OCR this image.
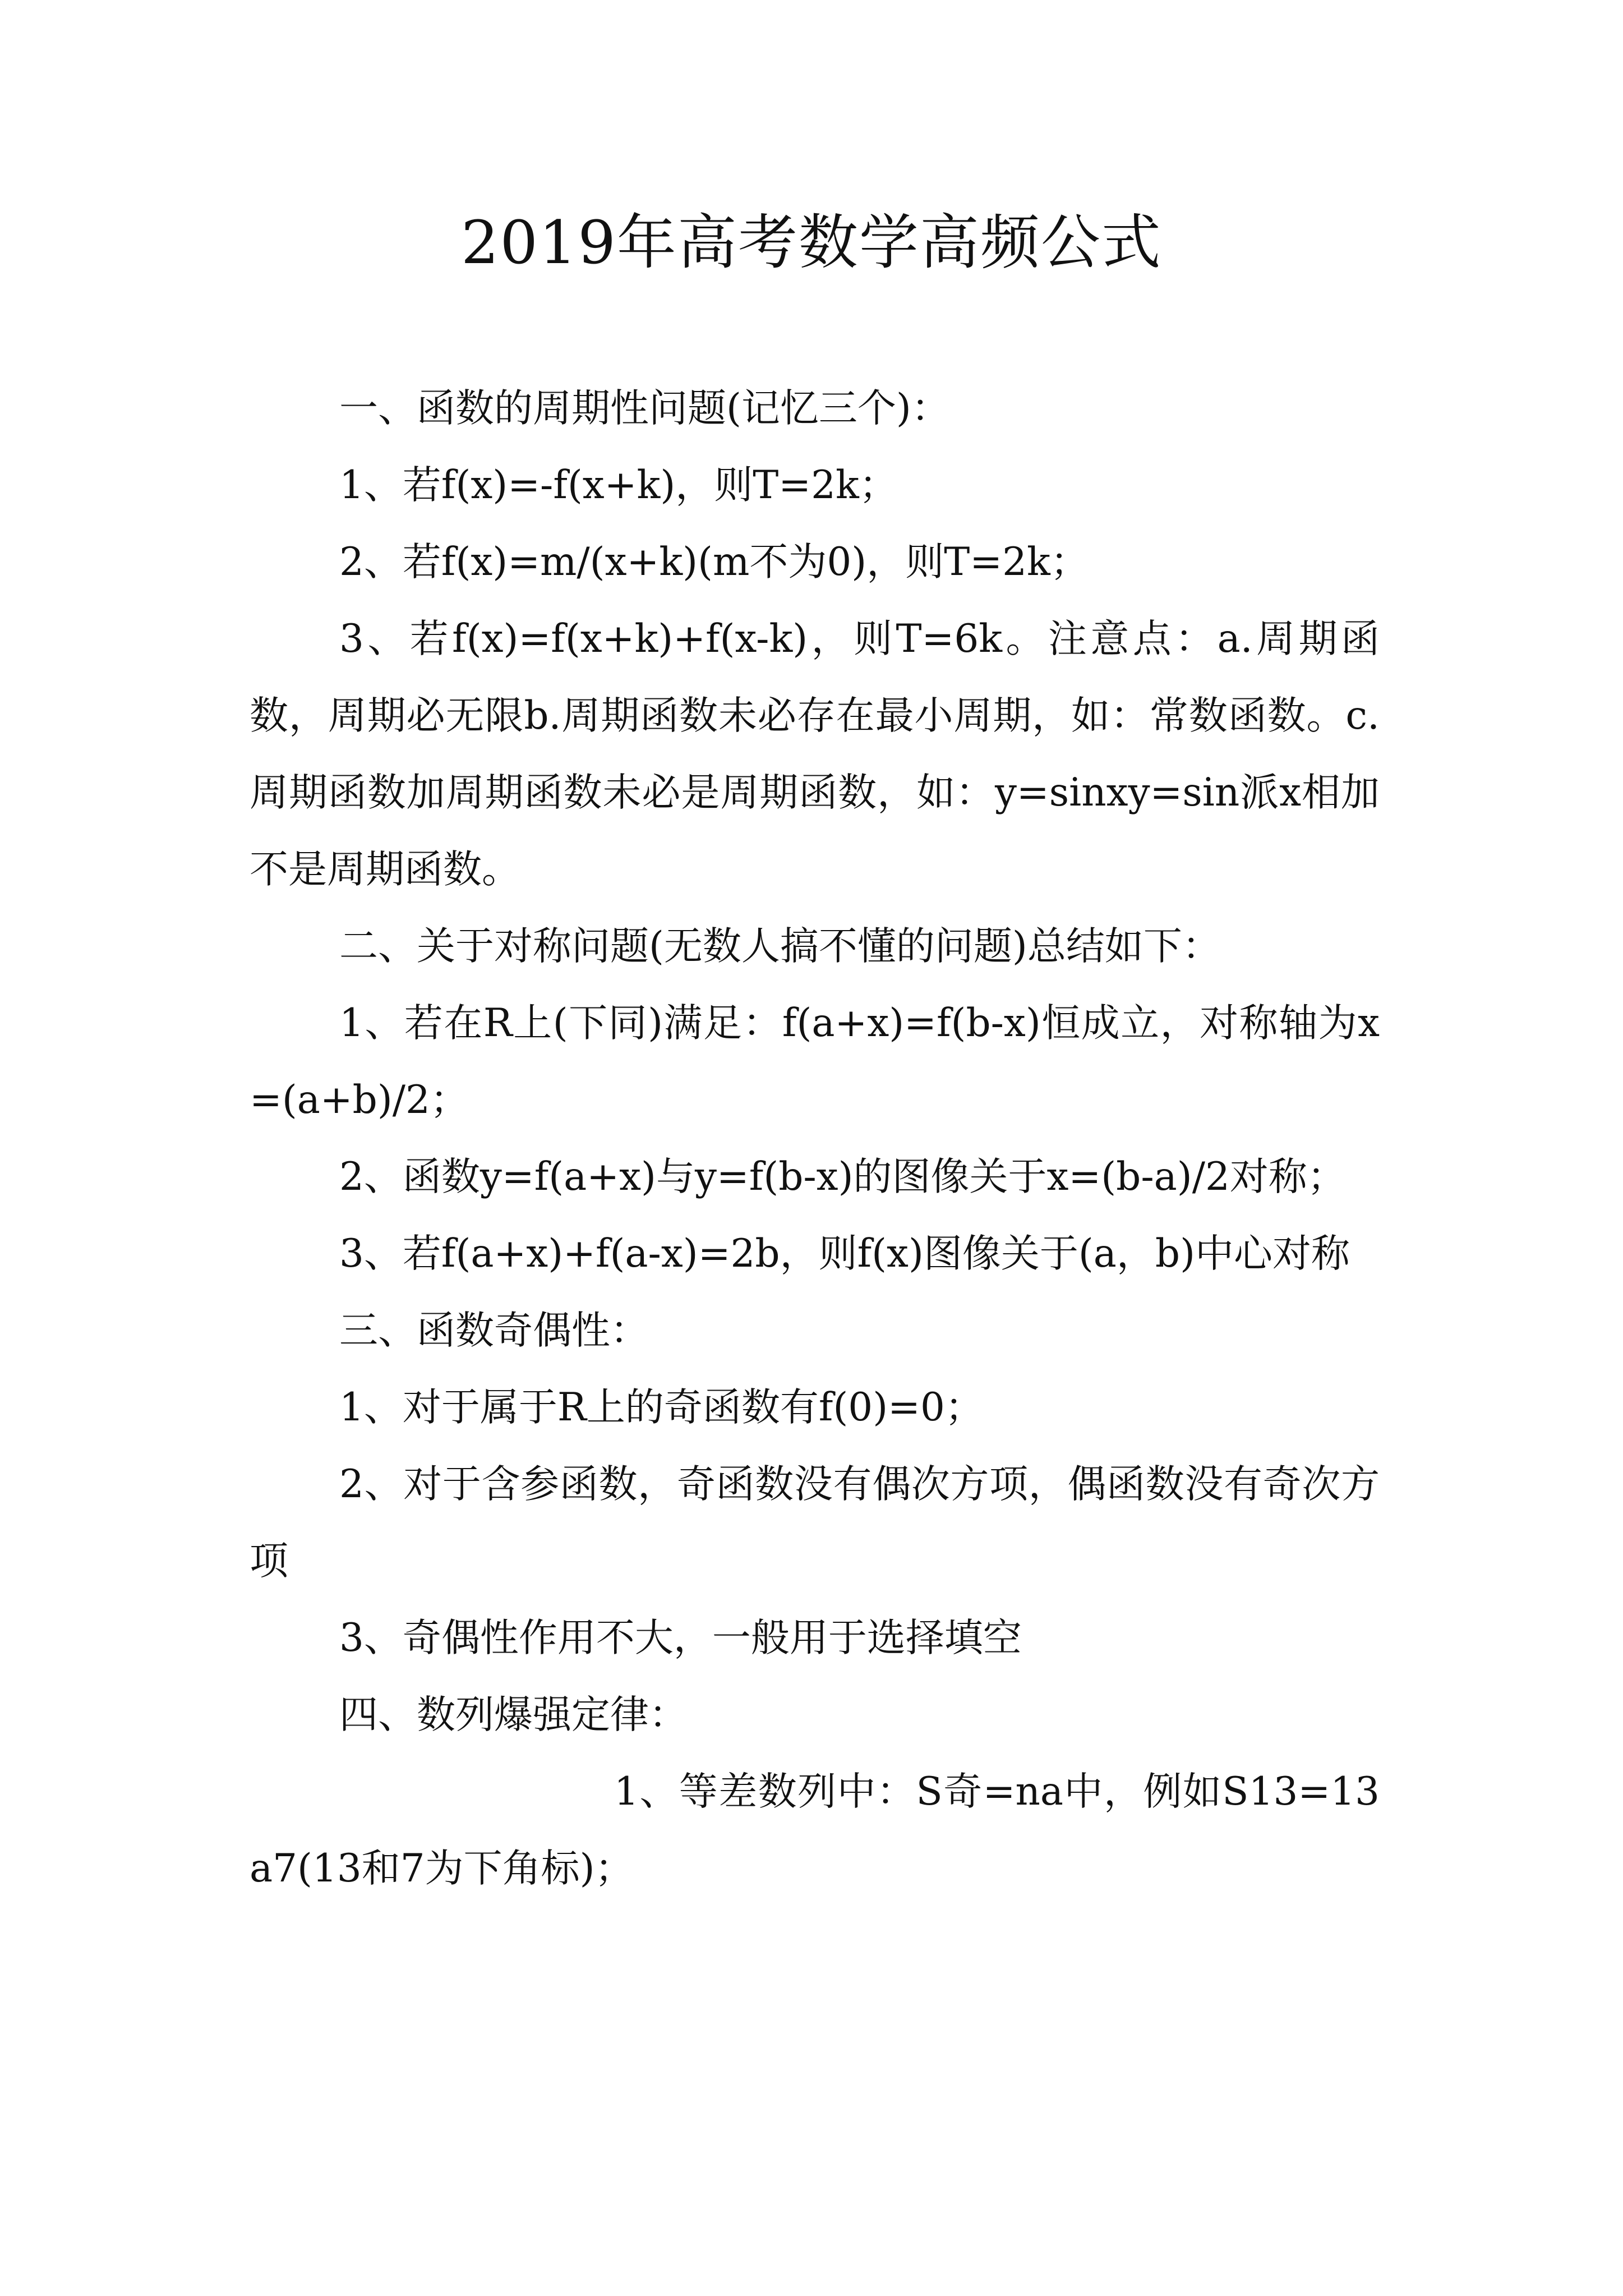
2019年高考数学高频公式

一、函数的周期性问题(记忆三个)：

1、若f(x)=-f(x+k)，则T=2k；

2、若f(x)=m/(x+k)(m不为0)，则T=2k；

3、若f(x)=f(x+k)+f(x-k)，则T=6k。注意点：a.周期函数，周期必无限b.周期函数未必存在最小周期，如：常数函数。c.周期函数加周期函数未必是周期函数，如：y=sinxy=sin派x相加不是周期函数。

二、关于对称问题(无数人搞不懂的问题)总结如下：

1、若在R上(下同)满足：f(a+x)=f(b-x)恒成立，对称轴为x=(a+b)/2；

2、函数y=f(a+x)与y=f(b-x)的图像关于x=(b-a)/2对称；

3、若f(a+x)+f(a-x)=2b，则f(x)图像关于(a，b)中心对称

三、函数奇偶性：

1、对于属于R上的奇函数有f(0)=0；

2、对于含参函数，奇函数没有偶次方项，偶函数没有奇次方项

3、奇偶性作用不大，一般用于选择填空

四、数列爆强定律：

1、等差数列中：S奇=na中，例如S13=13a7(13和7为下角标)；
